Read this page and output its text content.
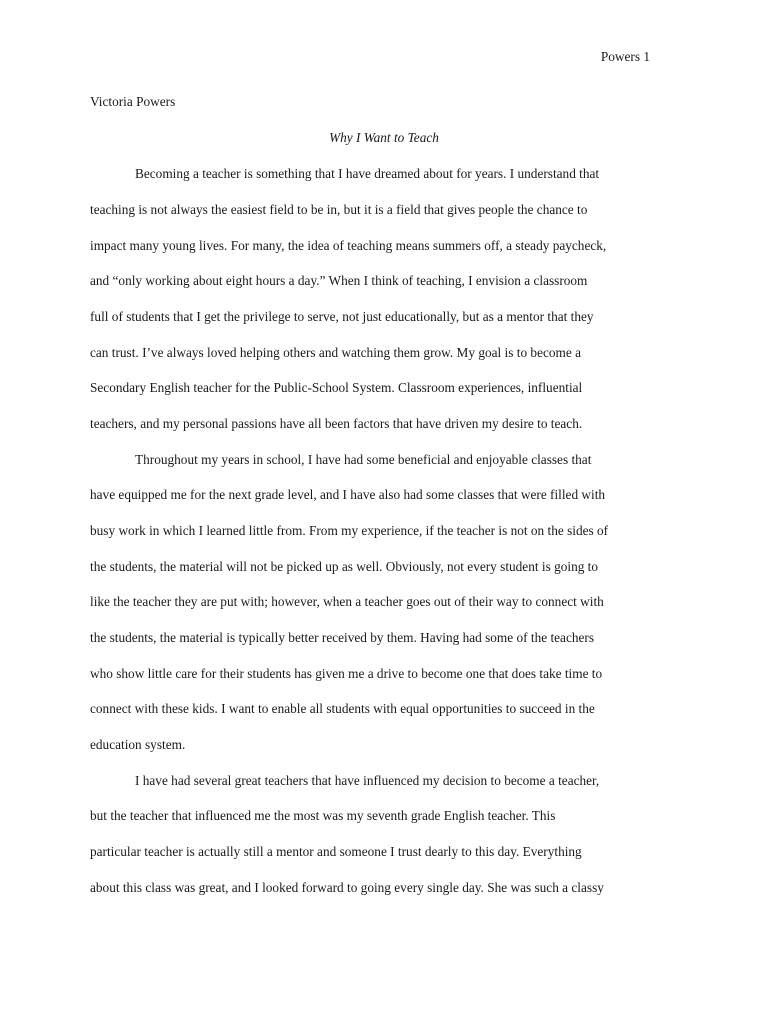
Powers 1
Victoria Powers
Why I Want to Teach
Becoming a teacher is something that I have dreamed about for years. I understand that
teaching is not always the easiest field to be in, but it is a field that gives people the chance to
impact many young lives. For many, the idea of teaching means summers off, a steady paycheck,
and “only working about eight hours a day.” When I think of teaching, I envision a classroom
full of students that I get the privilege to serve, not just educationally, but as a mentor that they
can trust. I’ve always loved helping others and watching them grow. My goal is to become a
Secondary English teacher for the Public-School System. Classroom experiences, influential
teachers, and my personal passions have all been factors that have driven my desire to teach.
Throughout my years in school, I have had some beneficial and enjoyable classes that
have equipped me for the next grade level, and I have also had some classes that were filled with
busy work in which I learned little from. From my experience, if the teacher is not on the sides of
the students, the material will not be picked up as well. Obviously, not every student is going to
like the teacher they are put with; however, when a teacher goes out of their way to connect with
the students, the material is typically better received by them. Having had some of the teachers
who show little care for their students has given me a drive to become one that does take time to
connect with these kids. I want to enable all students with equal opportunities to succeed in the
education system.
I have had several great teachers that have influenced my decision to become a teacher,
but the teacher that influenced me the most was my seventh grade English teacher. This
particular teacher is actually still a mentor and someone I trust dearly to this day. Everything
about this class was great, and I looked forward to going every single day. She was such a classy
